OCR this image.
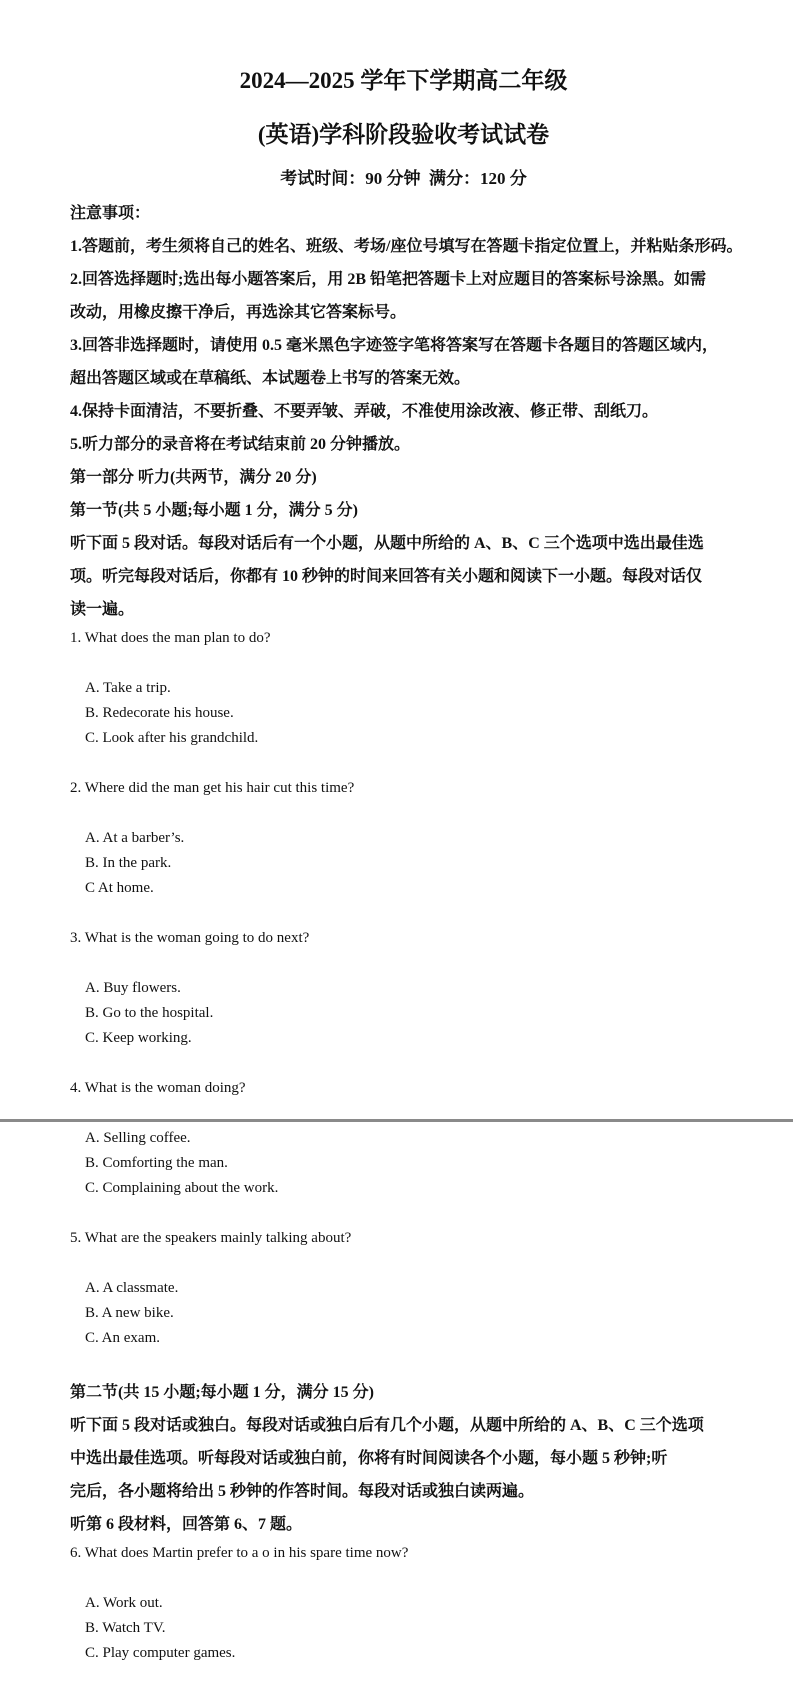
2024—2025 学年下学期高二年级
(英语)学科阶段验收考试试卷
考试时间：90 分钟  满分：120 分
注意事项：
1.答题前，考生须将自己的姓名、班级、考场/座位号填写在答题卡指定位置上，并粘贴条形码。
2.回答选择题时;选出每小题答案后，用 2B 铅笔把答题卡上对应题目的答案标号涂黑。如需
改动，用橡皮擦干净后，再选涂其它答案标号。
3.回答非选择题时，请使用 0.5 毫米黑色字迹签字笔将答案写在答题卡各题目的答题区域内，
超出答题区域或在草稿纸、本试题卷上书写的答案无效。
4.保持卡面清洁，不要折叠、不要弄皱、弄破，不准使用涂改液、修正带、刮纸刀。
5.听力部分的录音将在考试结束前 20 分钟播放。
第一部分 听力(共两节，满分 20 分)
第一节(共 5 小题;每小题 1 分，满分 5 分)
听下面 5 段对话。每段对话后有一个小题，从题中所给的 A、B、C 三个选项中选出最佳选
项。听完每段对话后，你都有 10 秒钟的时间来回答有关小题和阅读下一小题。每段对话仅
读一遍。
1. What does the man plan to do?

A. Take a trip.
B. Redecorate his house.
C. Look after his grandchild.

2. Where did the man get his hair cut this time?

A. At a barber’s.
B. In the park.
C At home.

3. What is the woman going to do next?

A. Buy flowers.
B. Go to the hospital.
C. Keep working.

4. What is the woman doing?

A. Selling coffee.
B. Comforting the man.
C. Complaining about the work.

5. What are the speakers mainly talking about?

A. A classmate.
B. A new bike.
C. An exam.

第二节(共 15 小题;每小题 1 分，满分 15 分)
听下面 5 段对话或独白。每段对话或独白后有几个小题，从题中所给的 A、B、C 三个选项
中选出最佳选项。听每段对话或独白前，你将有时间阅读各个小题，每小题 5 秒钟;听
完后，各小题将给出 5 秒钟的作答时间。每段对话或独白读两遍。
听第 6 段材料，回答第 6、7 题。
6. What does Martin prefer to a o in his spare time now?

A. Work out.
B. Watch TV.
C. Play computer games.
